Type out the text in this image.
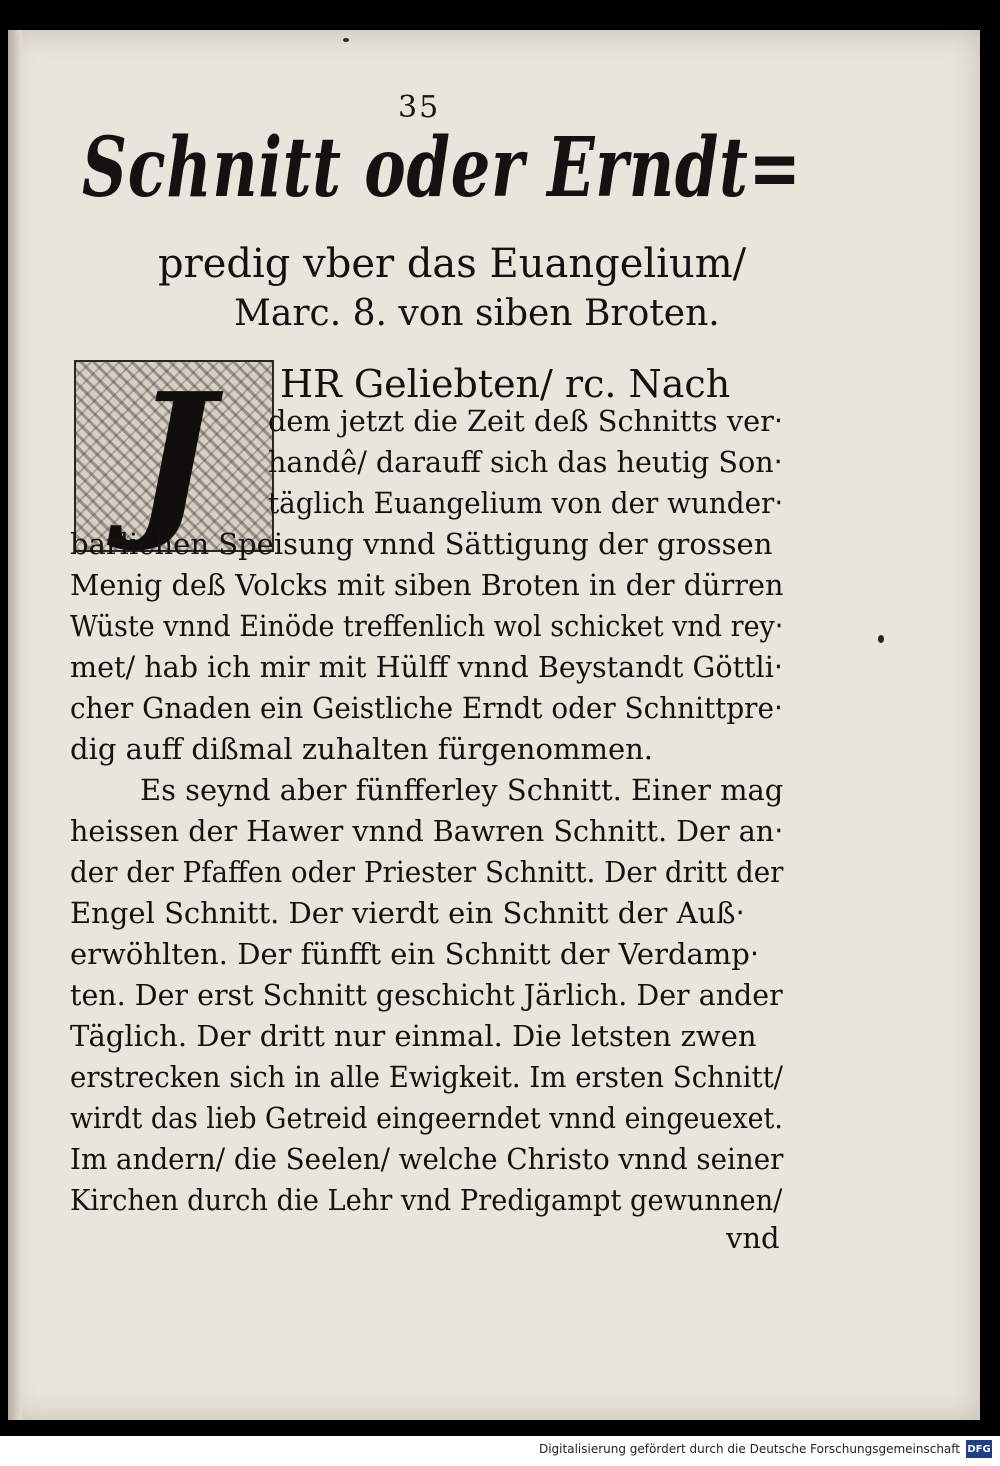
35
Schnitt oder Erndt=
predig vber das Euangelium/
Marc. 8. von siben Broten.
J
vnd
HR Geliebten/ rc. Nach
dem jetzt die Zeit deß Schnitts ver‧
handê/ darauff sich das heutig Son‧
täglich Euangelium von der wunder‧
barlichen Speisung vnnd Sättigung der grossen
Menig deß Volcks mit siben Broten in der dürren
Wüste vnnd Einöde treffenlich wol schicket vnd rey‧
met/ hab ich mir mit Hülff vnnd Beystandt Göttli‧
cher Gnaden ein Geistliche Erndt oder Schnittpre‧
dig auff dißmal zuhalten fürgenommen.
Es seynd aber fünfferley Schnitt. Einer mag
heissen der Hawer vnnd Bawren Schnitt. Der an‧
der der Pfaffen oder Priester Schnitt. Der dritt der
Engel Schnitt. Der vierdt ein Schnitt der Auß‧
erwöhlten. Der fünfft ein Schnitt der Verdamp‧
ten. Der erst Schnitt geschicht Järlich. Der ander
Täglich. Der dritt nur einmal. Die letsten zwen
erstrecken sich in alle Ewigkeit. Im ersten Schnitt/
wirdt das lieb Getreid eingeerndet vnnd eingeuexet.
Im andern/ die Seelen/ welche Christo vnnd seiner
Kirchen durch die Lehr vnd Predigampt gewunnen/
Digitalisierung gefördert durch die Deutsche Forschungsgemeinschaft DFG
